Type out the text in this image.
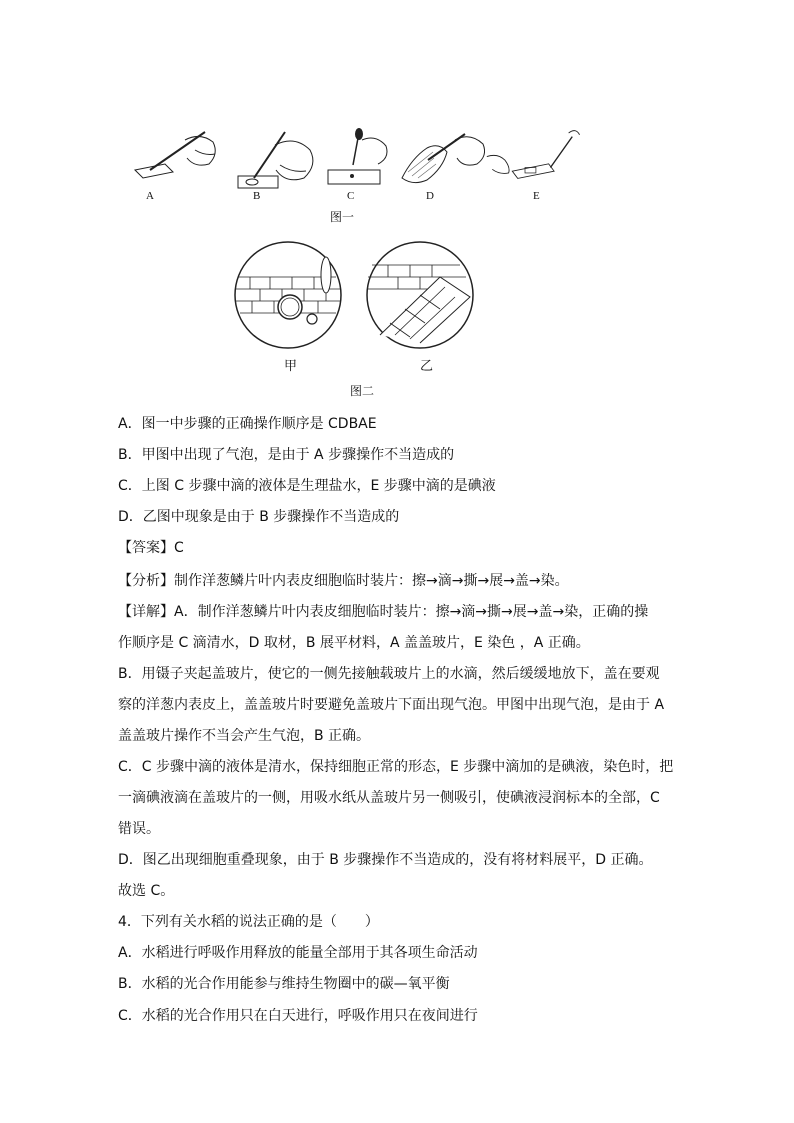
A	B	C	D	E
图一
甲	乙
图二
A．图一中步骤的正确操作顺序是 CDBAE
B．甲图中出现了气泡，是由于 A 步骤操作不当造成的
C．上图 C 步骤中滴的液体是生理盐水，E 步骤中滴的是碘液
D．乙图中现象是由于 B 步骤操作不当造成的
【答案】C
【分析】制作洋葱鳞片叶内表皮细胞临时装片：擦→滴→撕→展→盖→染。
【详解】A．制作洋葱鳞片叶内表皮细胞临时装片：擦→滴→撕→展→盖→染，正确的操
作顺序是 C 滴清水，D 取材，B 展平材料，A 盖盖玻片，E 染色 ，A 正确。
B．用镊子夹起盖玻片，使它的一侧先接触载玻片上的水滴，然后缓缓地放下，盖在要观
察的洋葱内表皮上，盖盖玻片时要避免盖玻片下面出现气泡。甲图中出现气泡，是由于 A
盖盖玻片操作不当会产生气泡，B 正确。
C．C 步骤中滴的液体是清水，保持细胞正常的形态，E 步骤中滴加的是碘液，染色时，把
一滴碘液滴在盖玻片的一侧，用吸水纸从盖玻片另一侧吸引，使碘液浸润标本的全部，C
错误。
D．图乙出现细胞重叠现象，由于 B 步骤操作不当造成的，没有将材料展平，D 正确。
故选 C。
4．下列有关水稻的说法正确的是（　　）
A．水稻进行呼吸作用释放的能量全部用于其各项生命活动
B．水稻的光合作用能参与维持生物圈中的碳—氧平衡
C．水稻的光合作用只在白天进行，呼吸作用只在夜间进行
